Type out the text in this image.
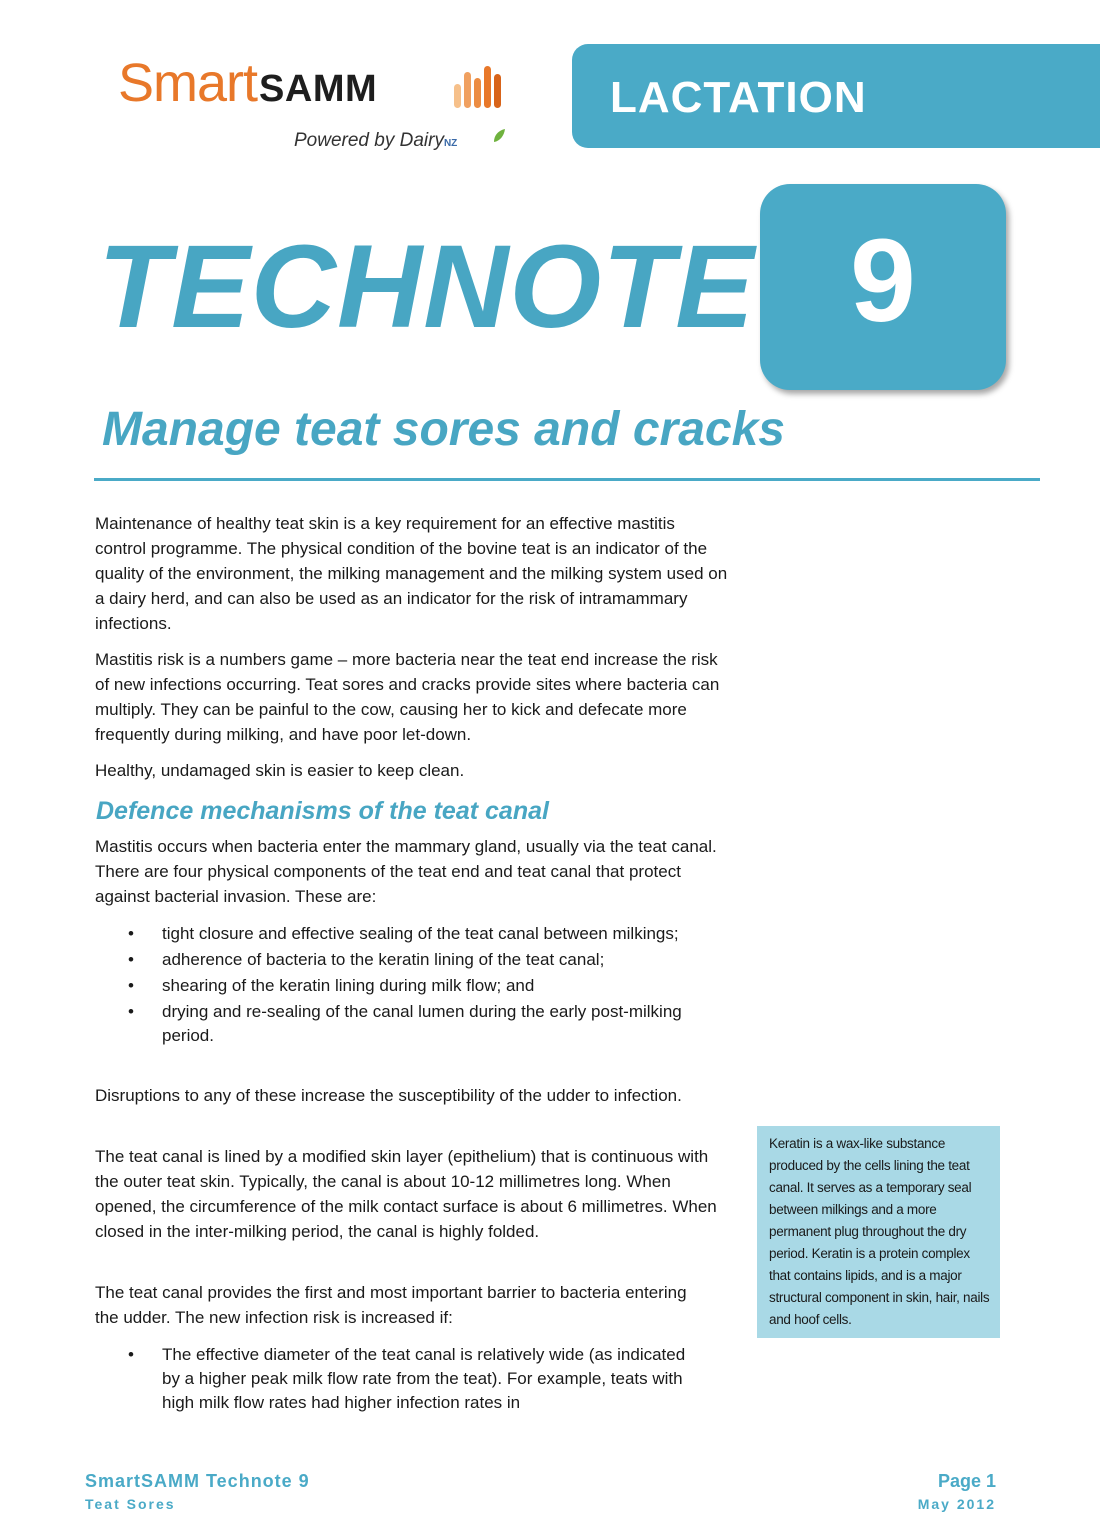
SmartSAMM
Powered by DairyNZ
LACTATION
TECHNOTE 9
Manage teat sores and cracks

Maintenance of healthy teat skin is a key requirement for an effective mastitis control programme. The physical condition of the bovine teat is an indicator of the quality of the environment, the milking management and the milking system used on a dairy herd, and can also be used as an indicator for the risk of intramammary infections.

Mastitis risk is a numbers game – more bacteria near the teat end increase the risk of new infections occurring. Teat sores and cracks provide sites where bacteria can multiply. They can be painful to the cow, causing her to kick and defecate more frequently during milking, and have poor let-down.

Healthy, undamaged skin is easier to keep clean.

Defence mechanisms of the teat canal

Mastitis occurs when bacteria enter the mammary gland, usually via the teat canal. There are four physical components of the teat end and teat canal that protect against bacterial invasion. These are:

• tight closure and effective sealing of the teat canal between milkings;
• adherence of bacteria to the keratin lining of the teat canal;
• shearing of the keratin lining during milk flow; and
• drying and re-sealing of the canal lumen during the early post-milking period.

Disruptions to any of these increase the susceptibility of the udder to infection.

The teat canal is lined by a modified skin layer (epithelium) that is continuous with the outer teat skin. Typically, the canal is about 10-12 millimetres long. When opened, the circumference of the milk contact surface is about 6 millimetres. When closed in the inter-milking period, the canal is highly folded.

The teat canal provides the first and most important barrier to bacteria entering the udder. The new infection risk is increased if:

• The effective diameter of the teat canal is relatively wide (as indicated by a higher peak milk flow rate from the teat). For example, teats with high milk flow rates had higher infection rates in

Keratin is a wax-like substance produced by the cells lining the teat canal. It serves as a temporary seal between milkings and a more permanent plug throughout the dry period. Keratin is a protein complex that contains lipids, and is a major structural component in skin, hair, nails and hoof cells.

SmartSAMM Technote 9
Teat Sores
Page 1
May 2012
